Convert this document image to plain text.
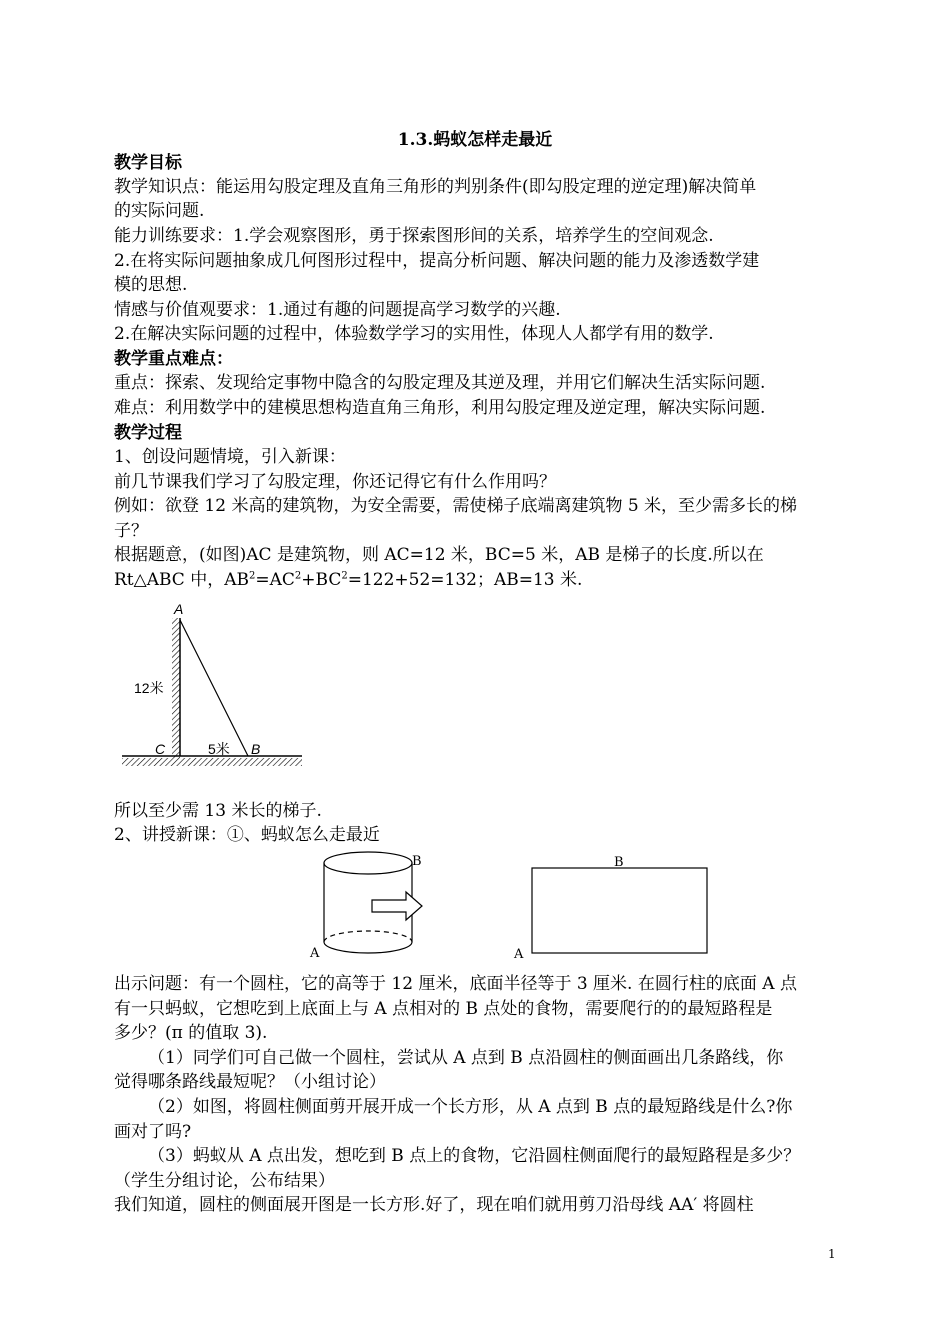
1.3.蚂蚁怎样走最近
教学目标
教学知识点：能运用勾股定理及直角三角形的判别条件(即勾股定理的逆定理)解决简单
的实际问题.
能力训练要求：1.学会观察图形，勇于探索图形间的关系，培养学生的空间观念.
2.在将实际问题抽象成几何图形过程中，提高分析问题、解决问题的能力及渗透数学建
模的思想.
情感与价值观要求：1.通过有趣的问题提高学习数学的兴趣.
2.在解决实际问题的过程中，体验数学学习的实用性，体现人人都学有用的数学.
教学重点难点：
重点：探索、发现给定事物中隐含的勾股定理及其逆及理，并用它们解决生活实际问题.
难点：利用数学中的建模思想构造直角三角形，利用勾股定理及逆定理，解决实际问题.
教学过程
1、创设问题情境，引入新课：
前几节课我们学习了勾股定理，你还记得它有什么作用吗？
例如：欲登 12 米高的建筑物，为安全需要，需使梯子底端离建筑物 5 米，至少需多长的梯
子？
根据题意，(如图)AC 是建筑物，则 AC=12 米，BC=5 米，AB 是梯子的长度.所以在
Rt△ABC 中，$AB^2=AC^2+BC^2=122+52=132$；AB=13 米.
A
C	B
12米
5米
所以至少需 13 米长的梯子.
2、讲授新课：①、蚂蚁怎么走最近
B
A
B
A
出示问题：有一个圆柱，它的高等于 12 厘米，底面半径等于 3 厘米. 在圆行柱的底面 A 点
有一只蚂蚁，它想吃到上底面上与 A 点相对的 B 点处的食物，需要爬行的的最短路程是
多少？(π 的值取 3).
（1）同学们可自己做一个圆柱，尝试从 A 点到 B 点沿圆柱的侧面画出几条路线，你
觉得哪条路线最短呢？（小组讨论）
（2）如图，将圆柱侧面剪开展开成一个长方形，从 A 点到 B 点的最短路线是什么?你
画对了吗?
（3）蚂蚁从 A 点出发，想吃到 B 点上的食物，它沿圆柱侧面爬行的最短路程是多少？
（学生分组讨论，公布结果）
我们知道，圆柱的侧面展开图是一长方形.好了，现在咱们就用剪刀沿母线 AA′ 将圆柱
1
